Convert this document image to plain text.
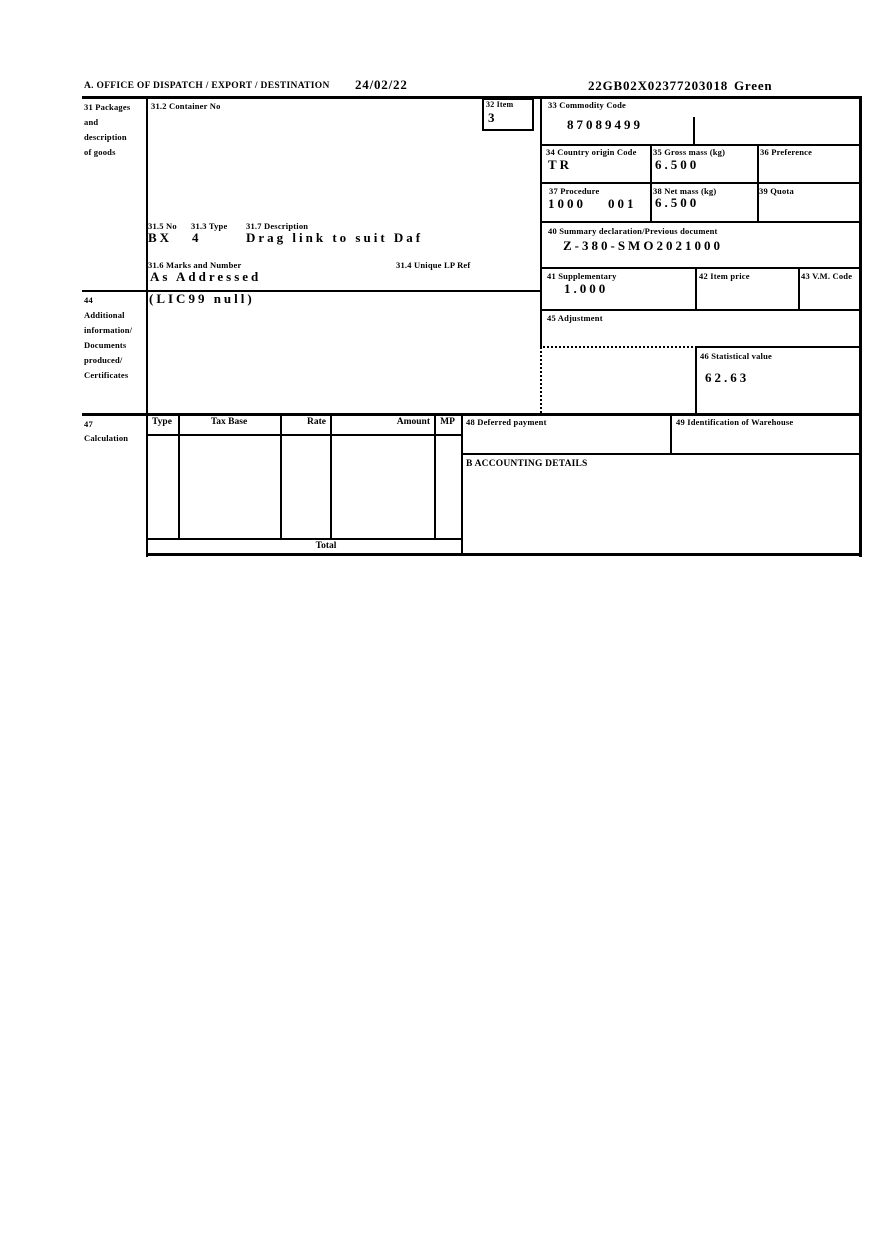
A. OFFICE OF DISPATCH / EXPORT / DESTINATION 24/02/22	22GB02X02377203018 Green
31 Packages
and
description
of goods
44
Additional
information/
Documents
produced/
Certificates
47
Calculation
31.2 Container No	32 Item
3
31.5 No 31.3 Type 31.7 Description
BX 4	Drag link to suit Daf
31.6 Marks and Number	31.4 Unique LP Ref
As Addressed
(LIC99 null)
33 Commodity Code
87089499
34 Country origin Code
TR
35 Gross mass (kg)
6.500
36 Preference
37 Procedure
1000 001
38 Net mass (kg)
6.500
39 Quota
40 Summary declaration/Previous document
Z-380-SMO2021000
41 Supplementary
1.000
42 Item price	43 V.M. Code
45 Adjustment
46 Statistical value
62.63
Type	Tax Base	Rate	Amount	MP
Total
48 Deferred payment	49 Identification of Warehouse
B ACCOUNTING DETAILS
